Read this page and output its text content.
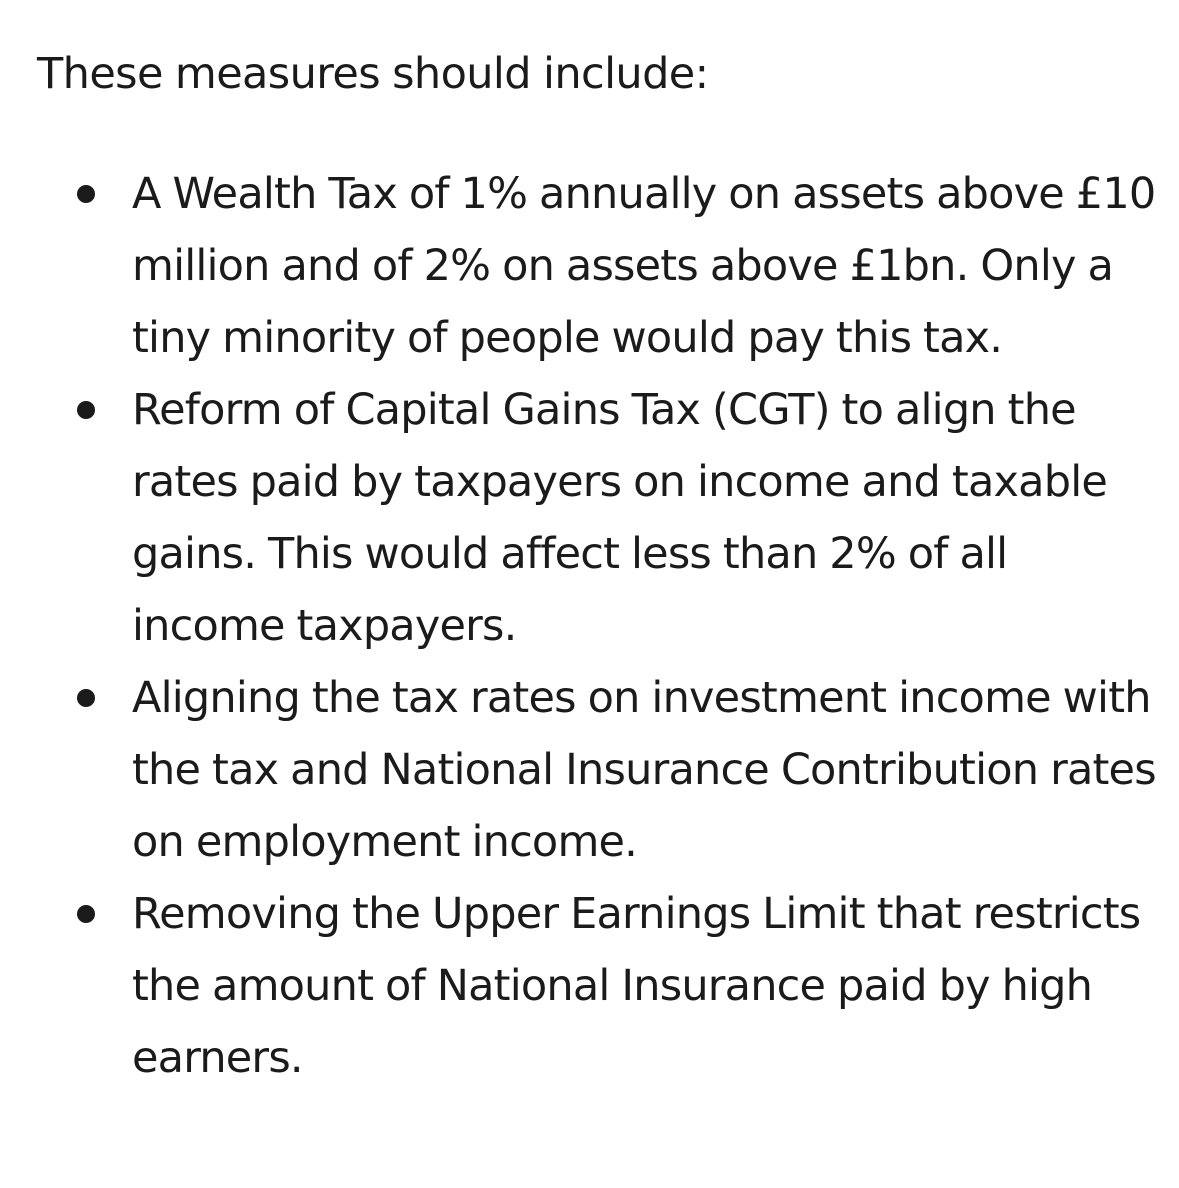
These measures should include:

A Wealth Tax of 1% annually on assets above £10 million and of 2% on assets above £1bn. Only a tiny minority of people would pay this tax.
Reform of Capital Gains Tax (CGT) to align the rates paid by taxpayers on income and taxable gains. This would affect less than 2% of all income taxpayers.
Aligning the tax rates on investment income with the tax and National Insurance Contribution rates on employment income.
Removing the Upper Earnings Limit that restricts the amount of National Insurance paid by high earners.
